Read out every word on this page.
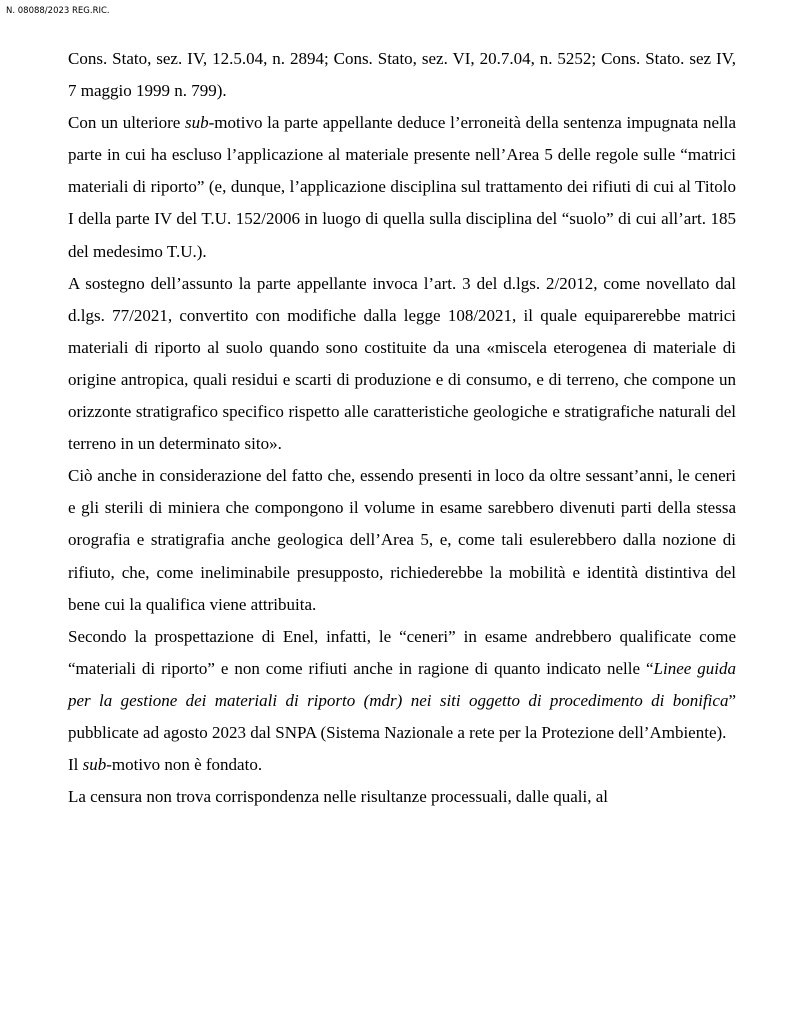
N. 08088/2023 REG.RIC.

Cons. Stato, sez. IV, 12.5.04, n. 2894; Cons. Stato, sez. VI, 20.7.04, n. 5252; Cons. Stato. sez IV, 7 maggio 1999 n. 799).

Con un ulteriore sub-motivo la parte appellante deduce l’erroneità della sentenza impugnata nella parte in cui ha escluso l’applicazione al materiale presente nell’Area 5 delle regole sulle “matrici materiali di riporto” (e, dunque, l’applicazione disciplina sul trattamento dei rifiuti di cui al Titolo I della parte IV del T.U. 152/2006 in luogo di quella sulla disciplina del “suolo” di cui all’art. 185 del medesimo T.U.).

A sostegno dell’assunto la parte appellante invoca l’art. 3 del d.lgs. 2/2012, come novellato dal d.lgs. 77/2021, convertito con modifiche dalla legge 108/2021, il quale equiparerebbe matrici materiali di riporto al suolo quando sono costituite da una «miscela eterogenea di materiale di origine antropica, quali residui e scarti di produzione e di consumo, e di terreno, che compone un orizzonte stratigrafico specifico rispetto alle caratteristiche geologiche e stratigrafiche naturali del terreno in un determinato sito».

Ciò anche in considerazione del fatto che, essendo presenti in loco da oltre sessant’anni, le ceneri e gli sterili di miniera che compongono il volume in esame sarebbero divenuti parti della stessa orografia e stratigrafia anche geologica dell’Area 5, e, come tali esulerebbero dalla nozione di rifiuto, che, come ineliminabile presupposto, richiederebbe la mobilità e identità distintiva del bene cui la qualifica viene attribuita.

Secondo la prospettazione di Enel, infatti, le “ceneri” in esame andrebbero qualificate come “materiali di riporto” e non come rifiuti anche in ragione di quanto indicato nelle “Linee guida per la gestione dei materiali di riporto (mdr) nei siti oggetto di procedimento di bonifica” pubblicate ad agosto 2023 dal SNPA (Sistema Nazionale a rete per la Protezione dell’Ambiente).

Il sub-motivo non è fondato.

La censura non trova corrispondenza nelle risultanze processuali, dalle quali, al
